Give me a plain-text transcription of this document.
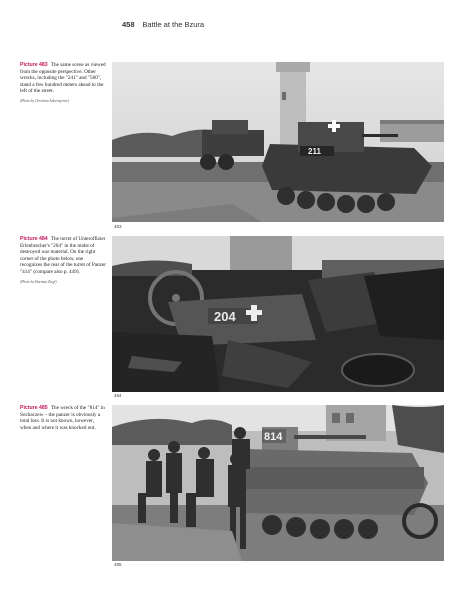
458 Battle at the Bzura
Picture 483 The same scene as viewed from the opposite perspective. Other wrecks, including the "241" and "500", stand a few hundred meters ahead to the left of the street.
(Photo by Christian Ankerstjerne)
211
483
Picture 484 The turret of Unteroffizier Erlenbrecher's "204" in the midst of destroyed war material. On the right corner of the photo below, one recognizes the rear of the turret of Panzer "414" (compare also p. 449).
(Photo by Hartmut Ziegl)
204
484
Picture 485 The wreck of the "814" in Sochaczew – the panzer is obviously a total loss. It is not known, however, when and where it was knocked out.
814
485
